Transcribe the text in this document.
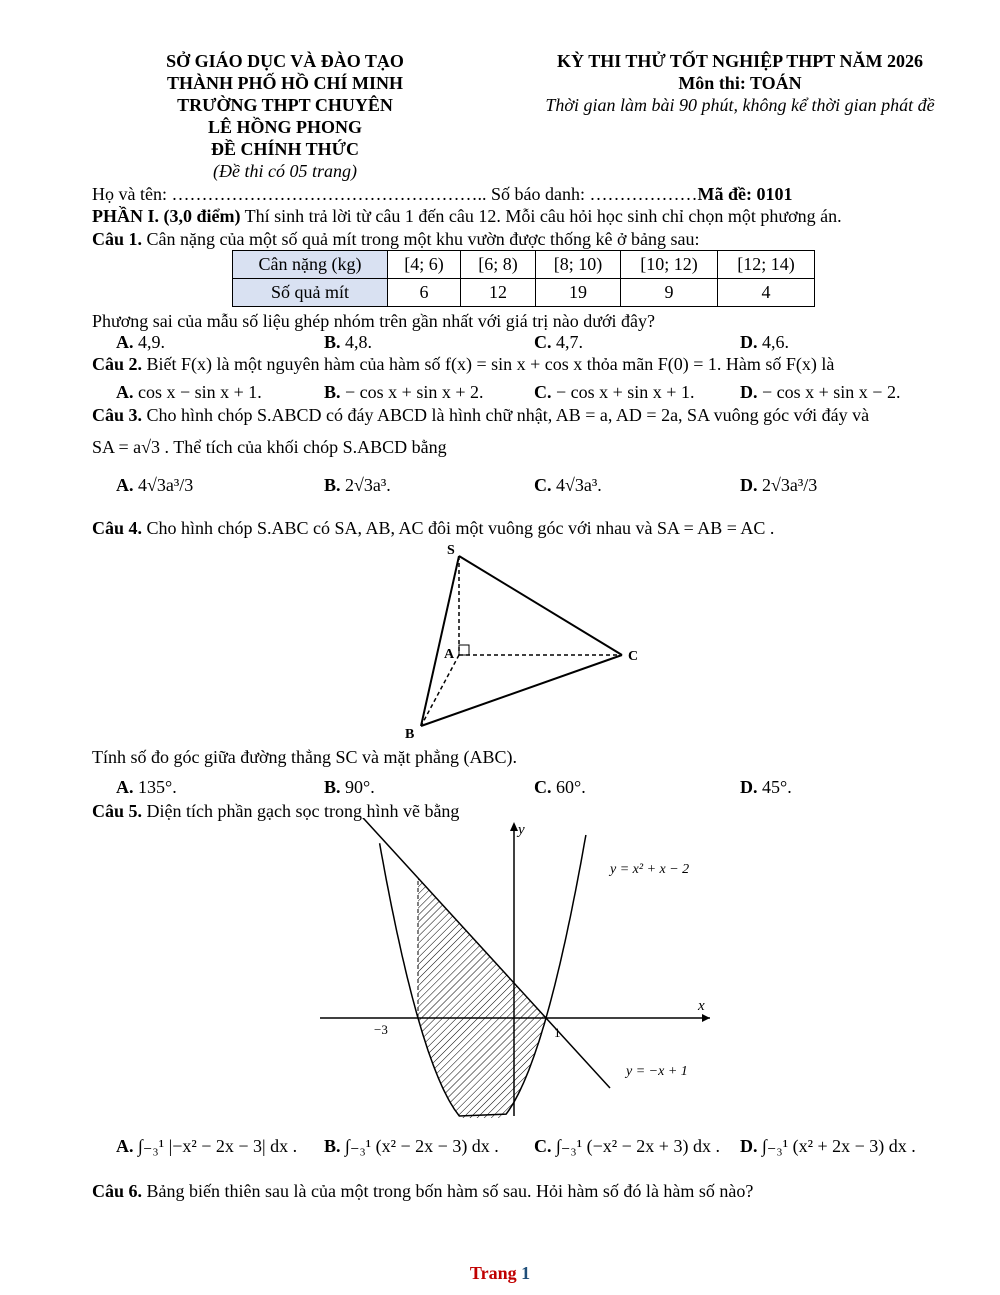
SỞ GIÁO DỤC VÀ ĐÀO TẠO
THÀNH PHỐ HỒ CHÍ MINH
TRƯỜNG THPT CHUYÊN
LÊ HỒNG PHONG
ĐỀ CHÍNH THỨC
(Đề thi có 05 trang)
KỲ THI THỬ TỐT NGHIỆP THPT NĂM 2026
Môn thi: TOÁN
Thời gian làm bài 90 phút, không kể thời gian phát đề
Họ và tên: …………………………………………….. Số báo danh: ………………Mã đề: 0101
PHẦN I. (3,0 điểm) Thí sinh trả lời từ câu 1 đến câu 12. Mỗi câu hỏi học sinh chỉ chọn một phương án.
Câu 1. Cân nặng của một số quả mít trong một khu vườn được thống kê ở bảng sau:
Cân nặng (kg)	[4; 6)	[6; 8)	[8; 10)	[10; 12)	[12; 14)
Số quả mít	6	12	19	9	4
Phương sai của mẫu số liệu ghép nhóm trên gần nhất với giá trị nào dưới đây?
A. 4,9.	B. 4,8.	C. 4,7.	D. 4,6.
Câu 2. Biết F(x) là một nguyên hàm của hàm số f(x) = sin x + cos x thỏa mãn F(0) = 1. Hàm số F(x) là
A. cos x − sin x + 1.	B. − cos x + sin x + 2.	C. − cos x + sin x + 1.	D. − cos x + sin x − 2.
Câu 3. Cho hình chóp S.ABCD có đáy ABCD là hình chữ nhật, AB = a, AD = 2a, SA vuông góc với đáy và
SA = a√3 . Thể tích của khối chóp S.ABCD bằng
A. 4√3a³/3	B. 2√3a³.	C. 4√3a³.	D. 2√3a³/3
Câu 4. Cho hình chóp S.ABC có SA, AB, AC đôi một vuông góc với nhau và SA = AB = AC .
S
A	C
B
Tính số đo góc giữa đường thẳng SC và mặt phẳng (ABC).
A. 135°.	B. 90°.	C. 60°.	D. 45°.
Câu 5. Diện tích phần gạch sọc trong hình vẽ bằng
y
x
y = x² + x − 2
y = −x + 1
−3	1
A. ∫₋₃¹ |−x² − 2x − 3| dx . B. ∫₋₃¹ (x² − 2x − 3) dx . C. ∫₋₃¹ (−x² − 2x + 3) dx . D. ∫₋₃¹ (x² + 2x − 3) dx .
Câu 6. Bảng biến thiên sau là của một trong bốn hàm số sau. Hỏi hàm số đó là hàm số nào?
Trang 1
